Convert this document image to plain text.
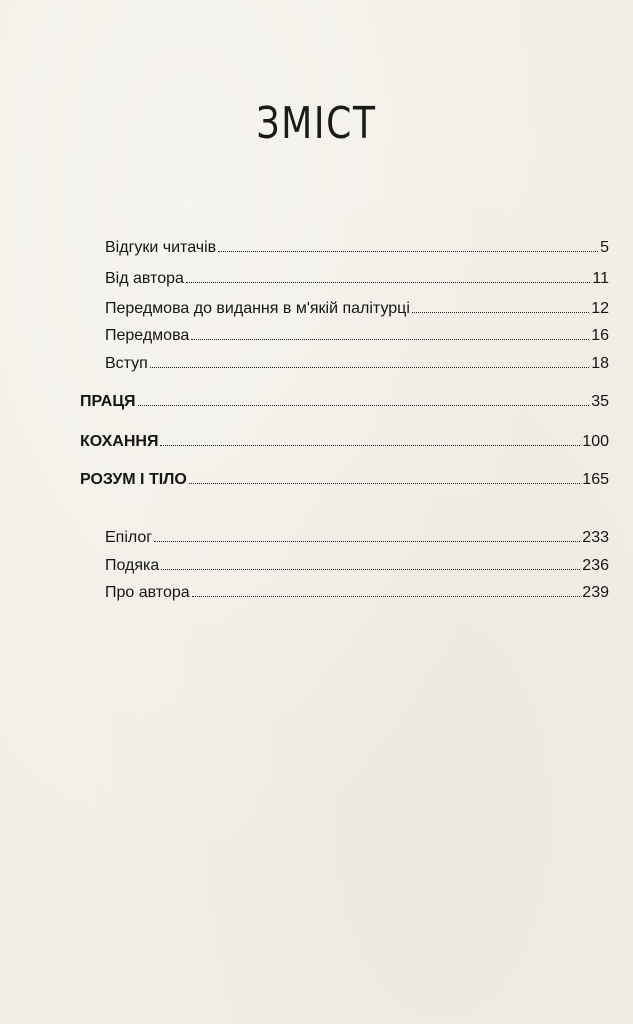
ЗМІСТ
Відгуки читачів	5
Від автора	11
Передмова до видання в м'якій палітурці	12
Передмова	16
Вступ	18
ПРАЦЯ	35
КОХАННЯ	100
РОЗУМ І ТІЛО	165
Епілог	233
Подяка	236
Про автора	239
